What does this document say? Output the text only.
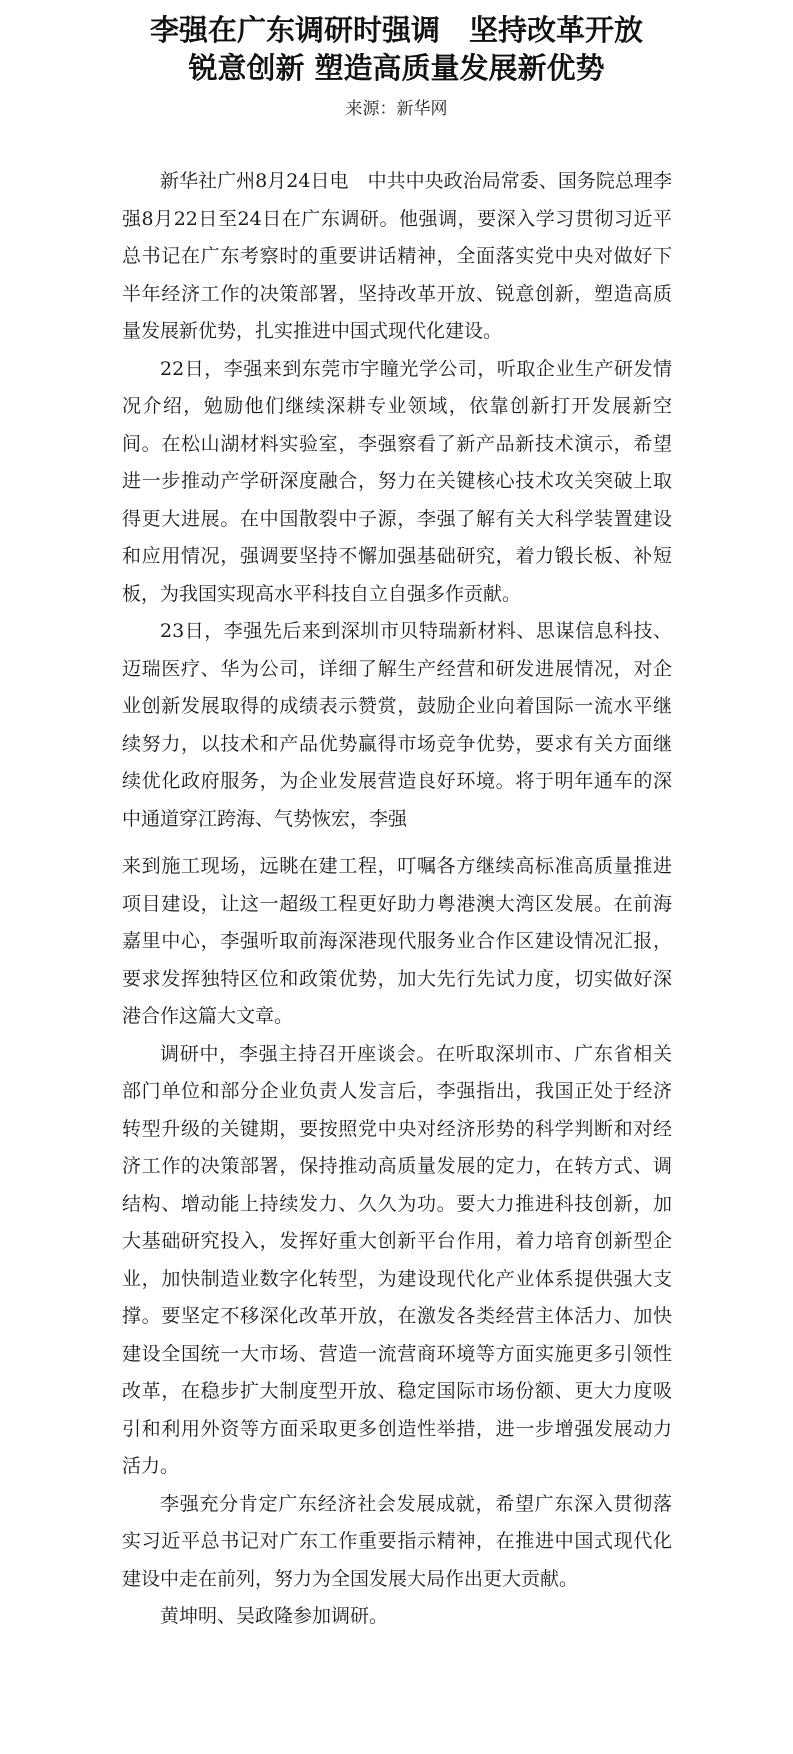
李强在广东调研时强调　坚持改革开放
锐意创新 塑造高质量发展新优势
来源：新华网

新华社广州8月24日电　中共中央政治局常委、国务院总理李强8月22日至24日在广东调研。他强调，要深入学习贯彻习近平总书记在广东考察时的重要讲话精神，全面落实党中央对做好下半年经济工作的决策部署，坚持改革开放、锐意创新，塑造高质量发展新优势，扎实推进中国式现代化建设。

22日，李强来到东莞市宇瞳光学公司，听取企业生产研发情况介绍，勉励他们继续深耕专业领域，依靠创新打开发展新空间。在松山湖材料实验室，李强察看了新产品新技术演示，希望进一步推动产学研深度融合，努力在关键核心技术攻关突破上取得更大进展。在中国散裂中子源，李强了解有关大科学装置建设和应用情况，强调要坚持不懈加强基础研究，着力锻长板、补短板，为我国实现高水平科技自立自强多作贡献。

23日，李强先后来到深圳市贝特瑞新材料、思谋信息科技、迈瑞医疗、华为公司，详细了解生产经营和研发进展情况，对企业创新发展取得的成绩表示赞赏，鼓励企业向着国际一流水平继续努力，以技术和产品优势赢得市场竞争优势，要求有关方面继续优化政府服务，为企业发展营造良好环境。将于明年通车的深中通道穿江跨海、气势恢宏，李强

来到施工现场，远眺在建工程，叮嘱各方继续高标准高质量推进项目建设，让这一超级工程更好助力粤港澳大湾区发展。在前海嘉里中心，李强听取前海深港现代服务业合作区建设情况汇报，要求发挥独特区位和政策优势，加大先行先试力度，切实做好深港合作这篇大文章。

调研中，李强主持召开座谈会。在听取深圳市、广东省相关部门单位和部分企业负责人发言后，李强指出，我国正处于经济转型升级的关键期，要按照党中央对经济形势的科学判断和对经济工作的决策部署，保持推动高质量发展的定力，在转方式、调结构、增动能上持续发力、久久为功。要大力推进科技创新，加大基础研究投入，发挥好重大创新平台作用，着力培育创新型企业，加快制造业数字化转型，为建设现代化产业体系提供强大支撑。要坚定不移深化改革开放，在激发各类经营主体活力、加快建设全国统一大市场、营造一流营商环境等方面实施更多引领性改革，在稳步扩大制度型开放、稳定国际市场份额、更大力度吸引和利用外资等方面采取更多创造性举措，进一步增强发展动力活力。

李强充分肯定广东经济社会发展成就，希望广东深入贯彻落实习近平总书记对广东工作重要指示精神，在推进中国式现代化建设中走在前列，努力为全国发展大局作出更大贡献。

黄坤明、吴政隆参加调研。
